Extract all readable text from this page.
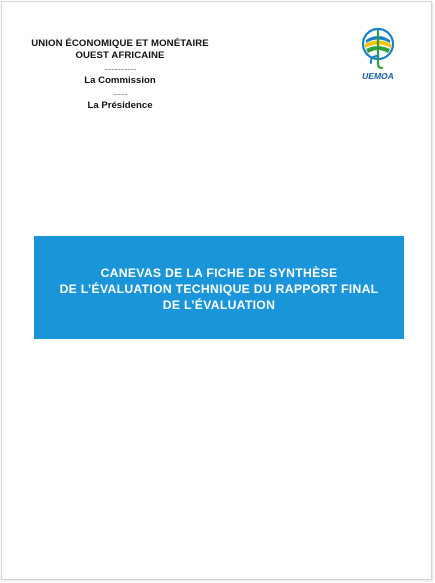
UNION ÉCONOMIQUE ET MONÉTAIRE
OUEST AFRICAINE
......................
La Commission
..........
La Présidence
UEMOA
CANEVAS DE LA FICHE DE SYNTHÈSE
DE L’ÉVALUATION TECHNIQUE DU RAPPORT FINAL
DE L’ÉVALUATION
